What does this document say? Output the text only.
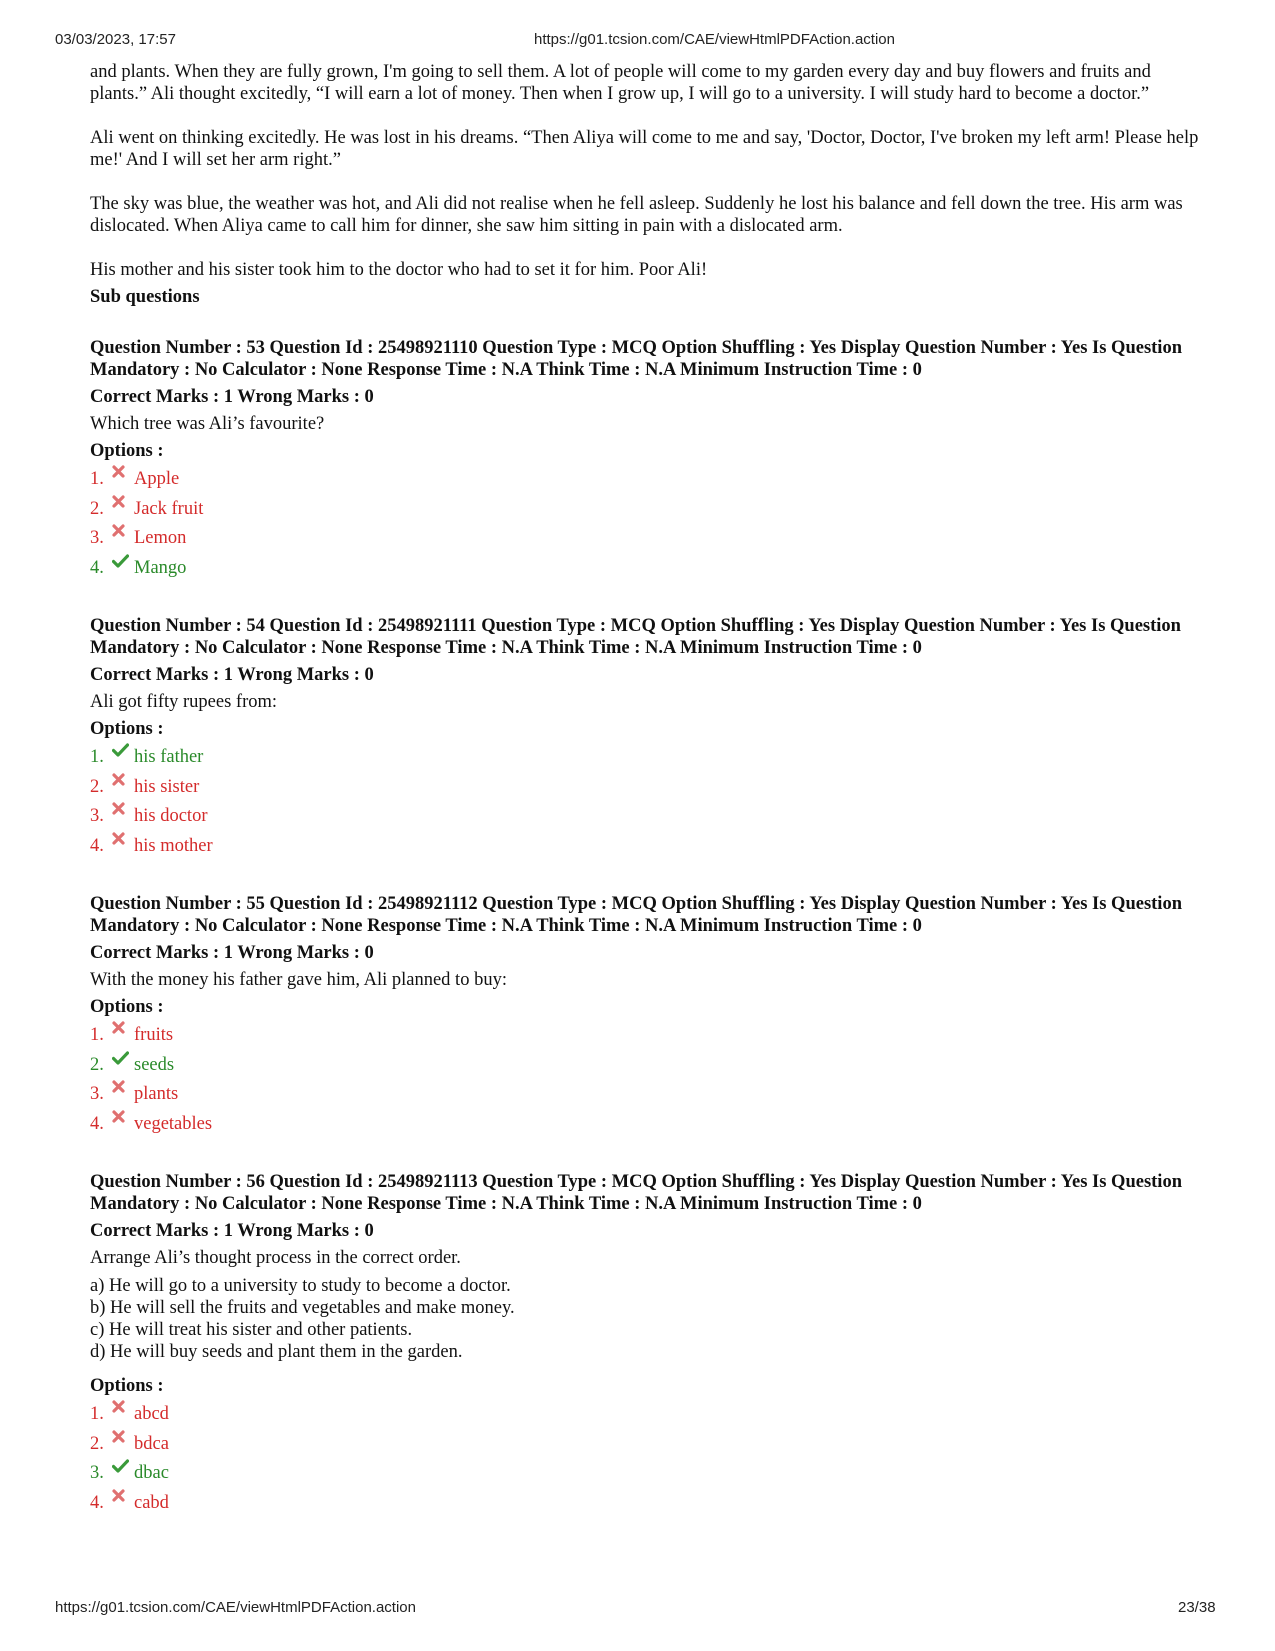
03/03/2023, 17:57	https://g01.tcsion.com/CAE/viewHtmlPDFAction.action

and plants. When they are fully grown, I'm going to sell them. A lot of people will come to my garden every day and buy flowers and fruits and plants.” Ali thought excitedly, “I will earn a lot of money. Then when I grow up, I will go to a university. I will study hard to become a doctor.”

Ali went on thinking excitedly. He was lost in his dreams. “Then Aliya will come to me and say, 'Doctor, Doctor, I've broken my left arm! Please help me!' And I will set her arm right.”

The sky was blue, the weather was hot, and Ali did not realise when he fell asleep. Suddenly he lost his balance and fell down the tree. His arm was dislocated. When Aliya came to call him for dinner, she saw him sitting in pain with a dislocated arm.

His mother and his sister took him to the doctor who had to set it for him. Poor Ali!

Sub questions

Question Number : 53 Question Id : 25498921110 Question Type : MCQ Option Shuffling : Yes Display Question Number : Yes Is Question Mandatory : No Calculator : None Response Time : N.A Think Time : N.A Minimum Instruction Time : 0

Correct Marks : 1 Wrong Marks : 0

Which tree was Ali’s favourite?

Options :
1.	Apple
2.	Jack fruit
3.	Lemon
4.	Mango

Question Number : 54 Question Id : 25498921111 Question Type : MCQ Option Shuffling : Yes Display Question Number : Yes Is Question Mandatory : No Calculator : None Response Time : N.A Think Time : N.A Minimum Instruction Time : 0

Correct Marks : 1 Wrong Marks : 0

Ali got fifty rupees from:

Options :
1.	his father
2.	his sister
3.	his doctor
4.	his mother

Question Number : 55 Question Id : 25498921112 Question Type : MCQ Option Shuffling : Yes Display Question Number : Yes Is Question Mandatory : No Calculator : None Response Time : N.A Think Time : N.A Minimum Instruction Time : 0

Correct Marks : 1 Wrong Marks : 0

With the money his father gave him, Ali planned to buy:

Options :
1.	fruits
2.	seeds
3.	plants
4.	vegetables

Question Number : 56 Question Id : 25498921113 Question Type : MCQ Option Shuffling : Yes Display Question Number : Yes Is Question Mandatory : No Calculator : None Response Time : N.A Think Time : N.A Minimum Instruction Time : 0

Correct Marks : 1 Wrong Marks : 0

Arrange Ali’s thought process in the correct order.

a) He will go to a university to study to become a doctor.
b) He will sell the fruits and vegetables and make money.
c) He will treat his sister and other patients.
d) He will buy seeds and plant them in the garden.
Options :
1.	abcd
2.	bdca
3.	dbac
4.	cabd
https://g01.tcsion.com/CAE/viewHtmlPDFAction.action	23/38
